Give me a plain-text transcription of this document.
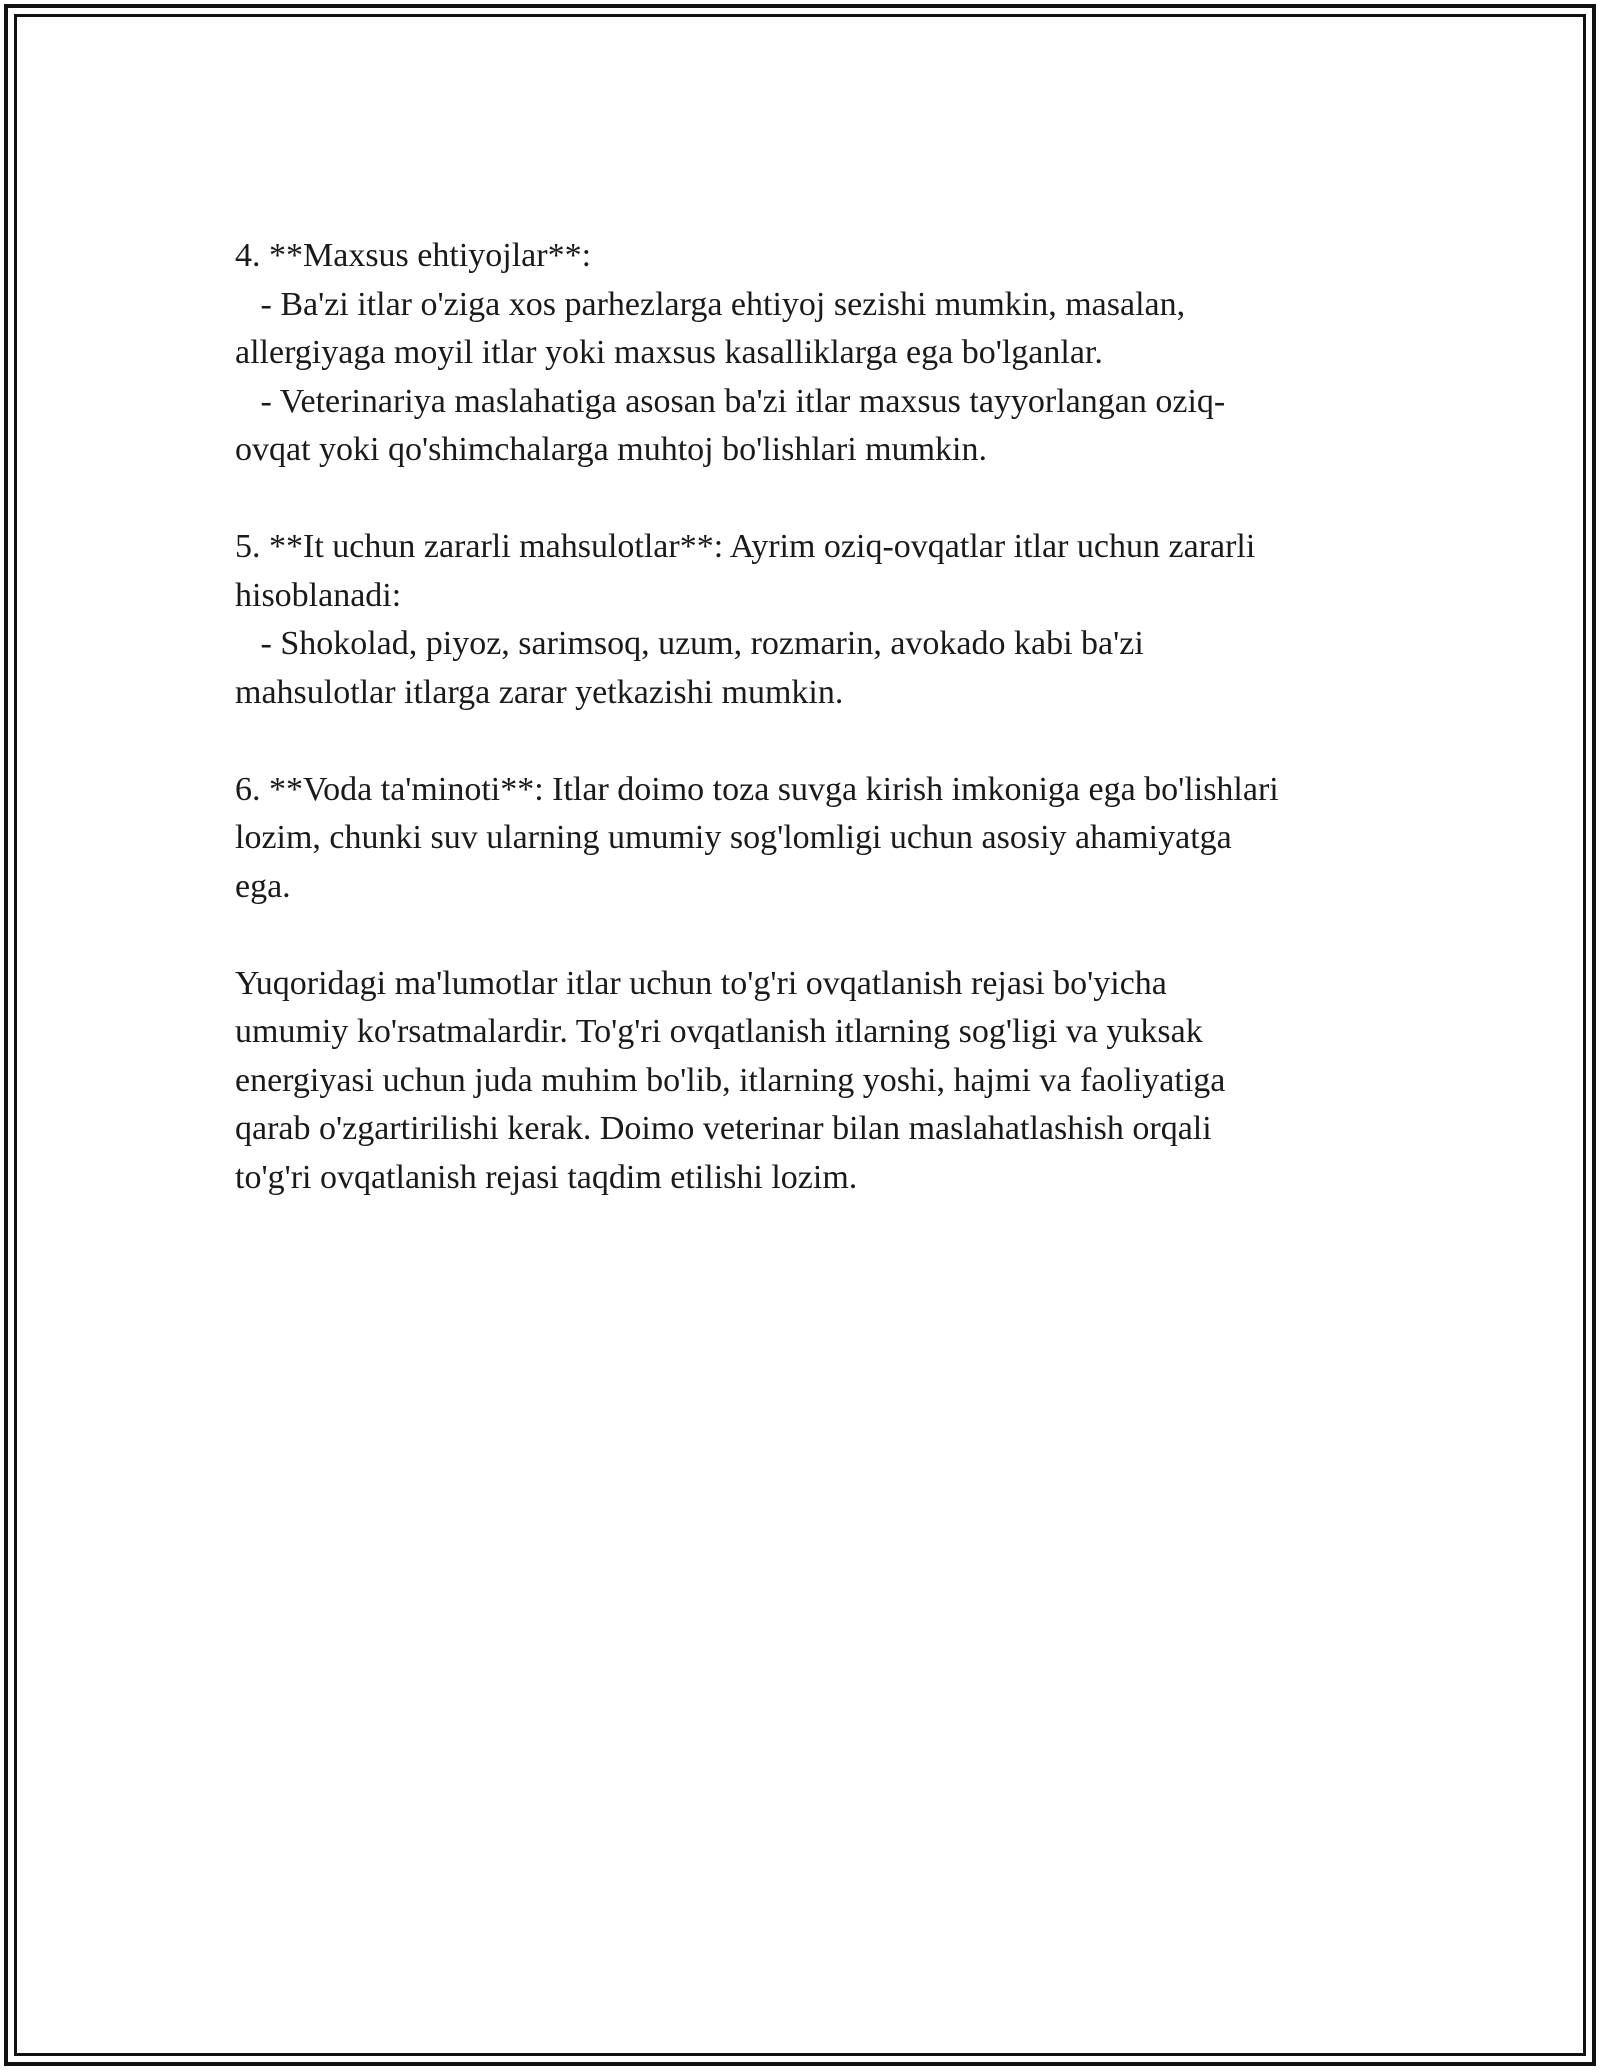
4. **Maxsus ehtiyojlar**:
- Ba'zi itlar o'ziga xos parhezlarga ehtiyoj sezishi mumkin, masalan,
allergiyaga moyil itlar yoki maxsus kasalliklarga ega bo'lganlar.
- Veterinariya maslahatiga asosan ba'zi itlar maxsus tayyorlangan oziq-
ovqat yoki qo'shimchalarga muhtoj bo'lishlari mumkin.
5. **It uchun zararli mahsulotlar**: Ayrim oziq-ovqatlar itlar uchun zararli
hisoblanadi:
- Shokolad, piyoz, sarimsoq, uzum, rozmarin, avokado kabi ba'zi
mahsulotlar itlarga zarar yetkazishi mumkin.
6. **Voda ta'minoti**: Itlar doimo toza suvga kirish imkoniga ega bo'lishlari
lozim, chunki suv ularning umumiy sog'lomligi uchun asosiy ahamiyatga
ega.
Yuqoridagi ma'lumotlar itlar uchun to'g'ri ovqatlanish rejasi bo'yicha
umumiy ko'rsatmalardir. To'g'ri ovqatlanish itlarning sog'ligi va yuksak
energiyasi uchun juda muhim bo'lib, itlarning yoshi, hajmi va faoliyatiga
qarab o'zgartirilishi kerak. Doimo veterinar bilan maslahatlashish orqali
to'g'ri ovqatlanish rejasi taqdim etilishi lozim.
